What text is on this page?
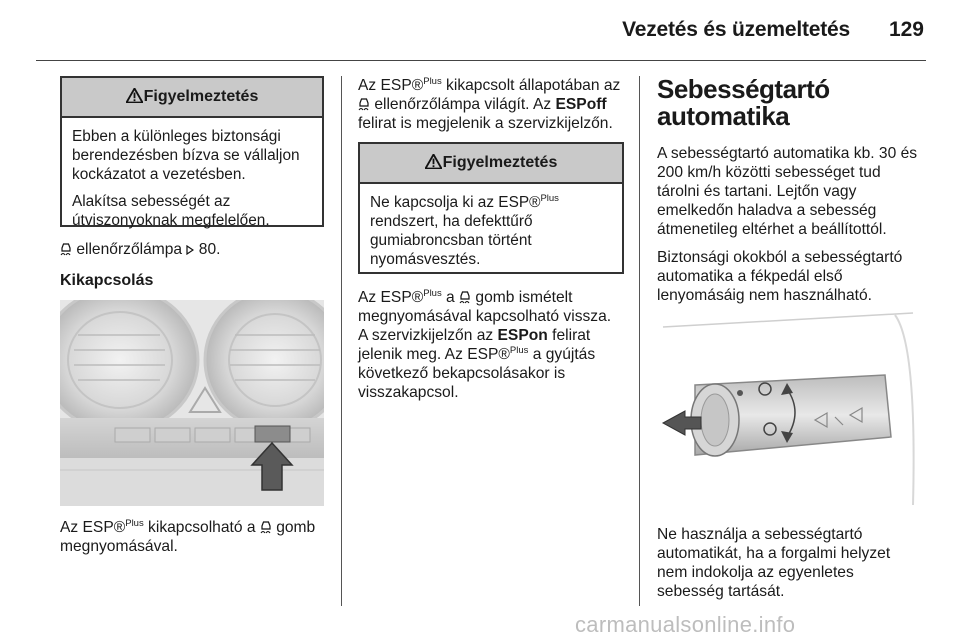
Vezetés és üzemeltetés	129
Figyelmeztetés

Ebben a különleges biztonsági berendezésben bízva se vállaljon kockázatot a vezetésben.

Alakítsa sebességét az útviszonyoknak megfelelően.

ellenőrzőlámpa  80.

Kikapcsolás

Az ESP®$^{Plus}$ kikapcsolható a  gomb megnyomásával.

Az ESP®$^{Plus}$ kikapcsolt állapotában az  ellenőrzőlámpa világít. Az ESPoff felirat is megjelenik a szervizkijelzőn.

Figyelmeztetés

Ne kapcsolja ki az ESP®$^{Plus}$ rendszert, ha defekttűrő gumiabroncsban történt nyomásvesztés.

Az ESP®$^{Plus}$ a  gomb ismételt megnyomásával kapcsolható vissza. A szervizkijelzőn az ESPon felirat jelenik meg. Az ESP®$^{Plus}$ a gyújtás következő bekapcsolásakor is visszakapcsol.

Sebességtartó automatika

A sebességtartó automatika kb. 30 és 200 km/h közötti sebességet tud tárolni és tartani. Lejtőn vagy emelkedőn haladva a sebesség átmenetileg eltérhet a beállítottól.

Biztonsági okokból a sebességtartó automatika a fékpedál első lenyomásáig nem használható.

Ne használja a sebességtartó automatikát, ha a forgalmi helyzet nem indokolja az egyenletes sebesség tartását.

carmanualsonline.info
